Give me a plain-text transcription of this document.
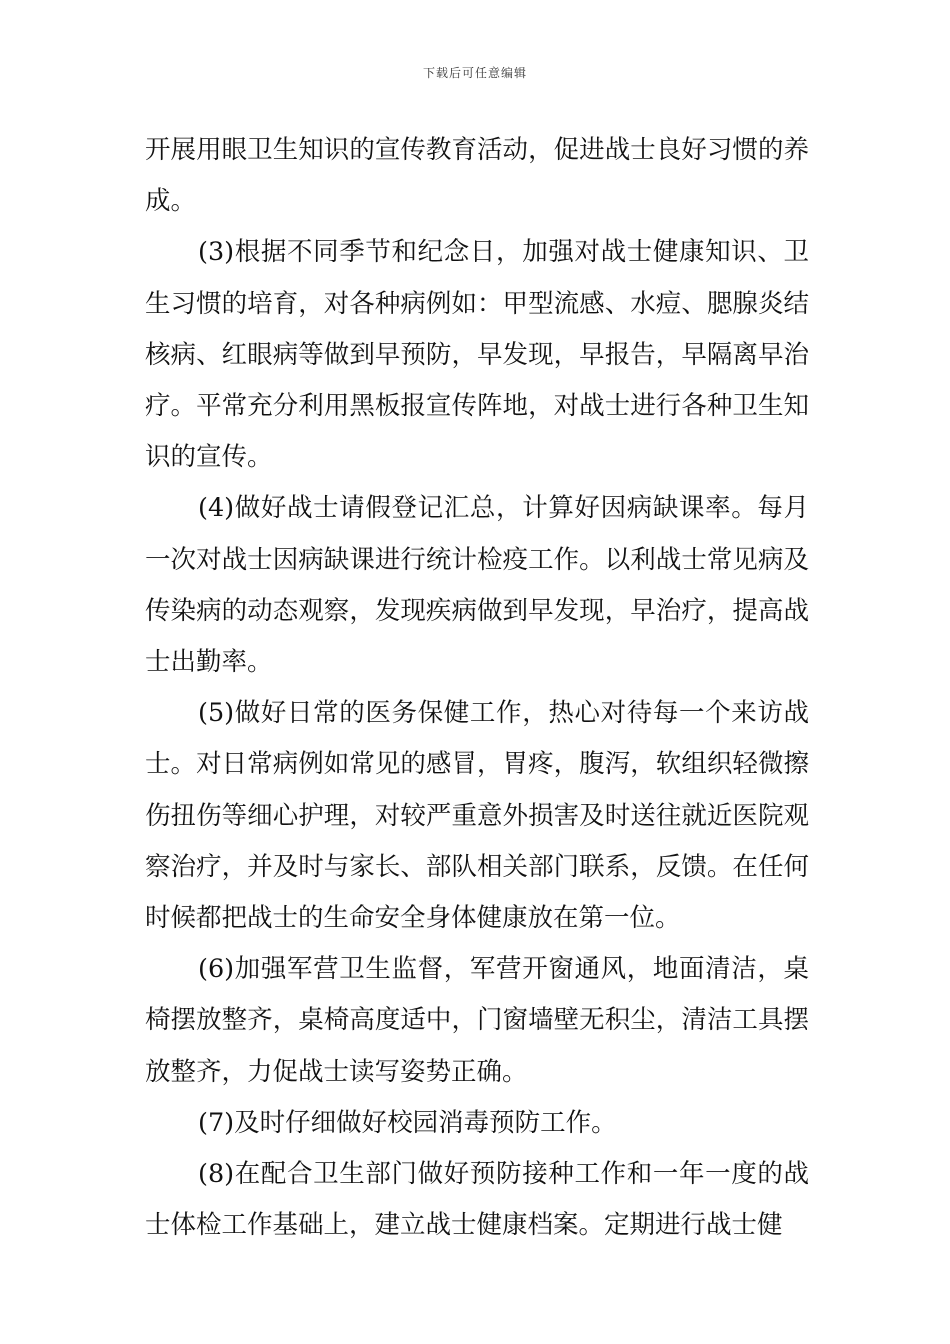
下载后可任意编辑

开展用眼卫生知识的宣传教育活动，促进战士良好习惯的养成。

(3)根据不同季节和纪念日，加强对战士健康知识、卫生习惯的培育，对各种病例如：甲型流感、水痘、腮腺炎结核病、红眼病等做到早预防，早发现，早报告，早隔离早治疗。平常充分利用黑板报宣传阵地，对战士进行各种卫生知识的宣传。

(4)做好战士请假登记汇总，计算好因病缺课率。每月一次对战士因病缺课进行统计检疫工作。以利战士常见病及传染病的动态观察，发现疾病做到早发现，早治疗，提高战士出勤率。

(5)做好日常的医务保健工作，热心对待每一个来访战士。对日常病例如常见的感冒，胃疼，腹泻，软组织轻微擦伤扭伤等细心护理，对较严重意外损害及时送往就近医院观察治疗，并及时与家长、部队相关部门联系，反馈。在任何时候都把战士的生命安全身体健康放在第一位。

(6)加强军营卫生监督，军营开窗通风，地面清洁，桌椅摆放整齐，桌椅高度适中，门窗墙壁无积尘，清洁工具摆放整齐，力促战士读写姿势正确。

(7)及时仔细做好校园消毒预防工作。

(8)在配合卫生部门做好预防接种工作和一年一度的战士体检工作基础上，建立战士健康档案。定期进行战士健
